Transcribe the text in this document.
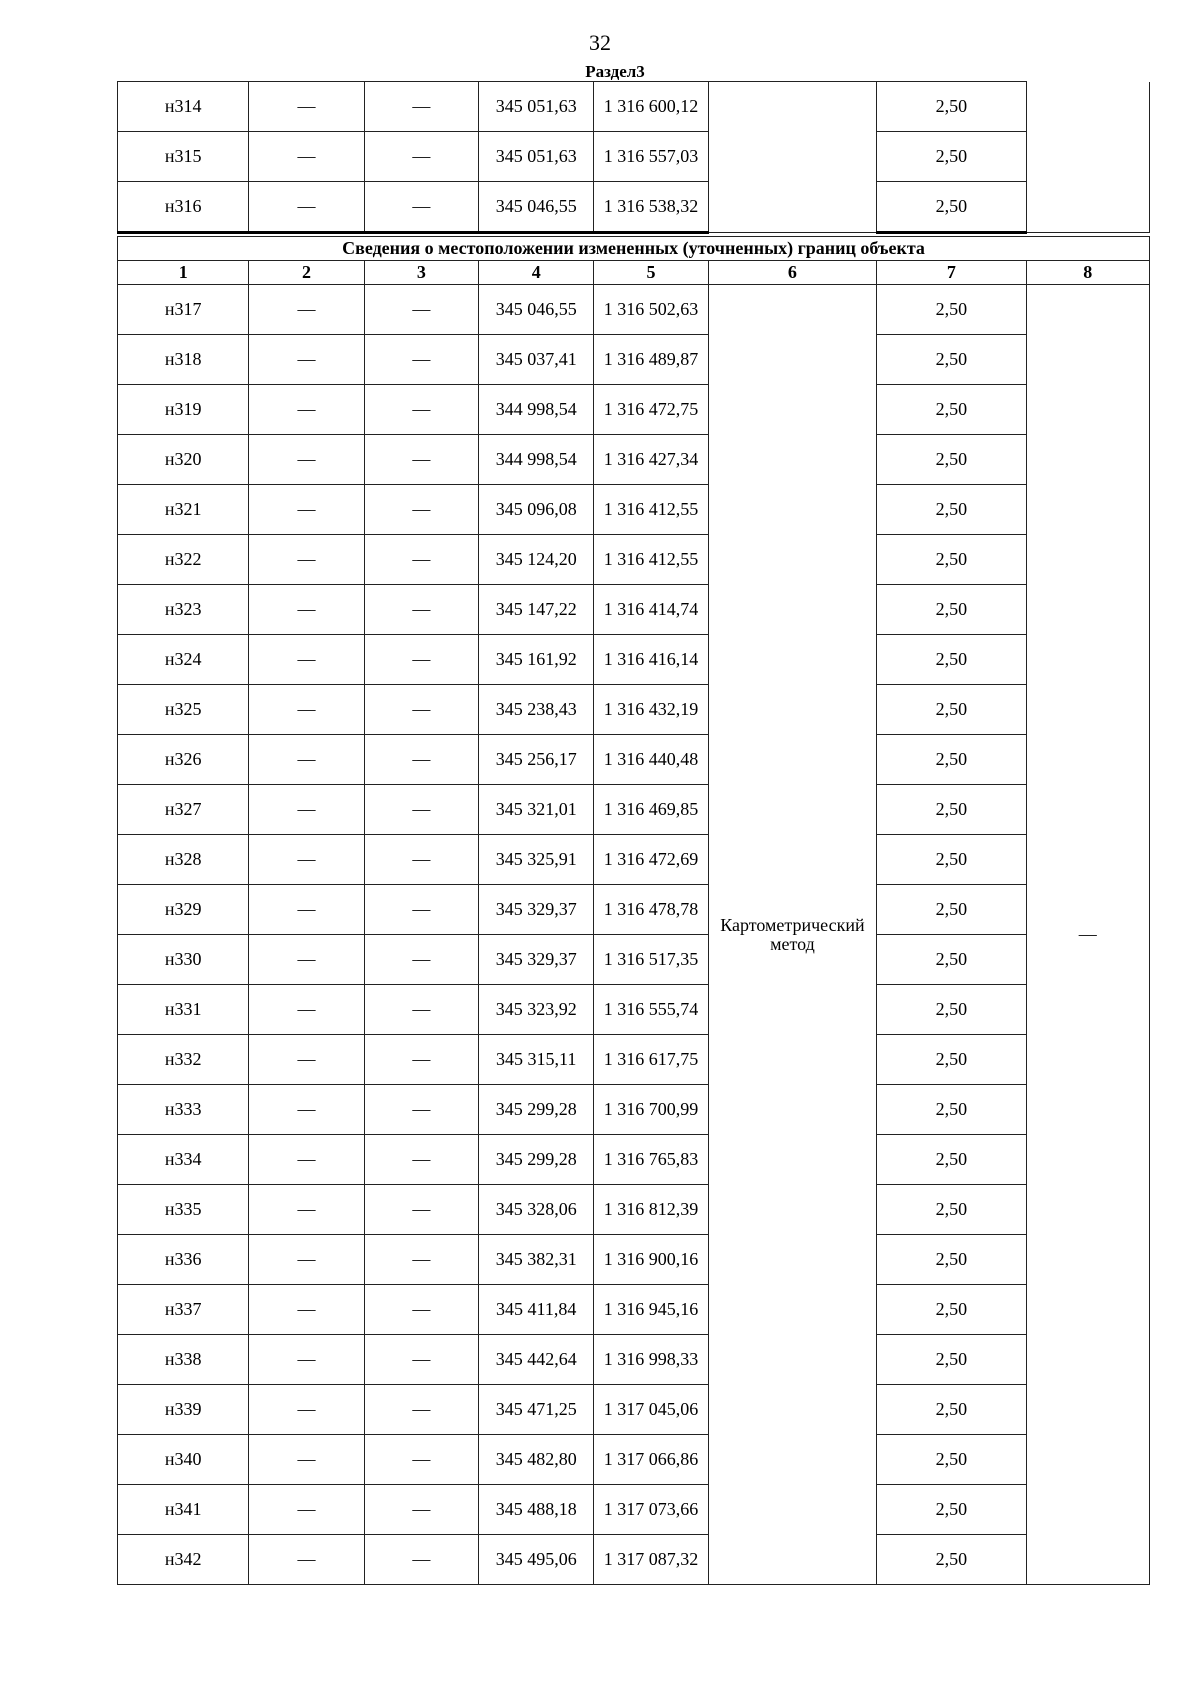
32
Раздел3
н314	—	—	345 051,63	1 316 600,12		2,50	
н315	—	—	345 051,63	1 316 557,03		2,50	
н316	—	—	345 046,55	1 316 538,32		2,50	
Сведения о местоположении измененных (уточненных) границ объекта							
1	2	3	4	5	6	7	8
н317	—	—	345 046,55	1 316 502,63	Картометрический метод	2,50	—
н318	—	—	345 037,41	1 316 489,87		2,50	
н319	—	—	344 998,54	1 316 472,75		2,50	
н320	—	—	344 998,54	1 316 427,34		2,50	
н321	—	—	345 096,08	1 316 412,55		2,50	
н322	—	—	345 124,20	1 316 412,55		2,50	
н323	—	—	345 147,22	1 316 414,74		2,50	
н324	—	—	345 161,92	1 316 416,14		2,50	
н325	—	—	345 238,43	1 316 432,19		2,50	
н326	—	—	345 256,17	1 316 440,48		2,50	
н327	—	—	345 321,01	1 316 469,85		2,50	
н328	—	—	345 325,91	1 316 472,69		2,50	
н329	—	—	345 329,37	1 316 478,78		2,50	
н330	—	—	345 329,37	1 316 517,35		2,50	
н331	—	—	345 323,92	1 316 555,74		2,50	
н332	—	—	345 315,11	1 316 617,75		2,50	
н333	—	—	345 299,28	1 316 700,99		2,50	
н334	—	—	345 299,28	1 316 765,83		2,50	
н335	—	—	345 328,06	1 316 812,39		2,50	
н336	—	—	345 382,31	1 316 900,16		2,50	
н337	—	—	345 411,84	1 316 945,16		2,50	
н338	—	—	345 442,64	1 316 998,33		2,50	
н339	—	—	345 471,25	1 317 045,06		2,50	
н340	—	—	345 482,80	1 317 066,86		2,50	
н341	—	—	345 488,18	1 317 073,66		2,50	
н342	—	—	345 495,06	1 317 087,32		2,50	
